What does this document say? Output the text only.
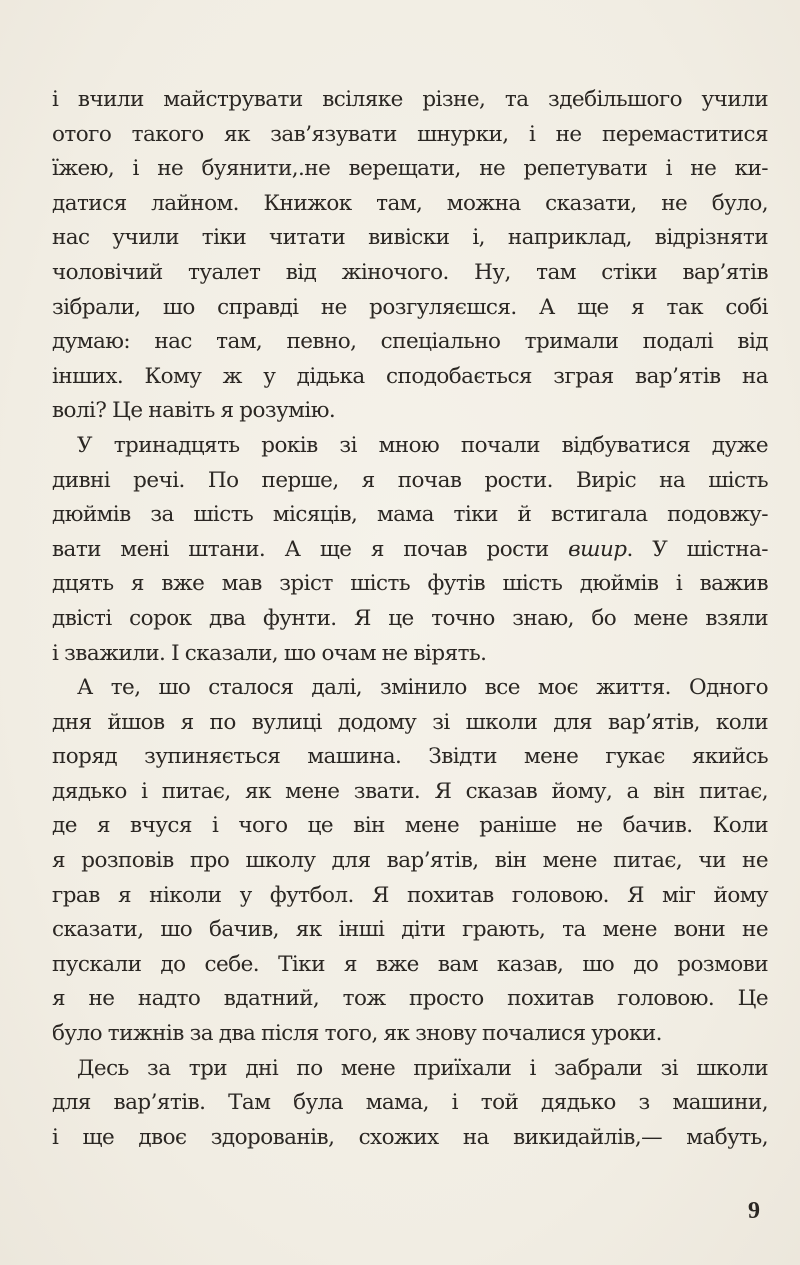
і вчили майструвати всіляке різне, та здебільшого учили
отого такого як зав’язувати шнурки, і не перемаститися
їжею, і не буянити,.не верещати, не репетувати і не ки-
датися лайном. Книжок там, можна сказати, не було,
нас учили тіки читати вивіски і, наприклад, відрізняти
чоловічий туалет від жіночого. Ну, там стіки вар’ятів
зібрали, шо справді не розгуляєшся. А ще я так собі
думаю: нас там, певно, спеціально тримали подалі від
інших. Кому ж у дідька сподобається зграя вар’ятів на
волі? Це навіть я розумію.
У тринадцять років зі мною почали відбуватися дуже
дивні речі. По перше, я почав рости. Виріс на шість
дюймів за шість місяців, мама тіки й встигала подовжу-
вати мені штани. А ще я почав рости вшир. У шістна-
дцять я вже мав зріст шість футів шість дюймів і важив
двісті сорок два фунти. Я це точно знаю, бо мене взяли
і зважили. І сказали, шо очам не вірять.
А те, шо сталося далі, змінило все моє життя. Одного
дня йшов я по вулиці додому зі школи для вар’ятів, коли
поряд зупиняється машина. Звідти мене гукає якийсь
дядько і питає, як мене звати. Я сказав йому, а він питає,
де я вчуся і чого це він мене раніше не бачив. Коли
я розповів про школу для вар’ятів, він мене питає, чи не
грав я ніколи у футбол. Я похитав головою. Я міг йому
сказати, шо бачив, як інші діти грають, та мене вони не
пускали до себе. Тіки я вже вам казав, шо до розмови
я не надто вдатний, тож просто похитав головою. Це
було тижнів за два після того, як знову почалися уроки.
Десь за три дні по мене приїхали і забрали зі школи
для вар’ятів. Там була мама, і той дядько з машини,
і ще двоє здорованів, схожих на викидайлів,— мабуть,
9
